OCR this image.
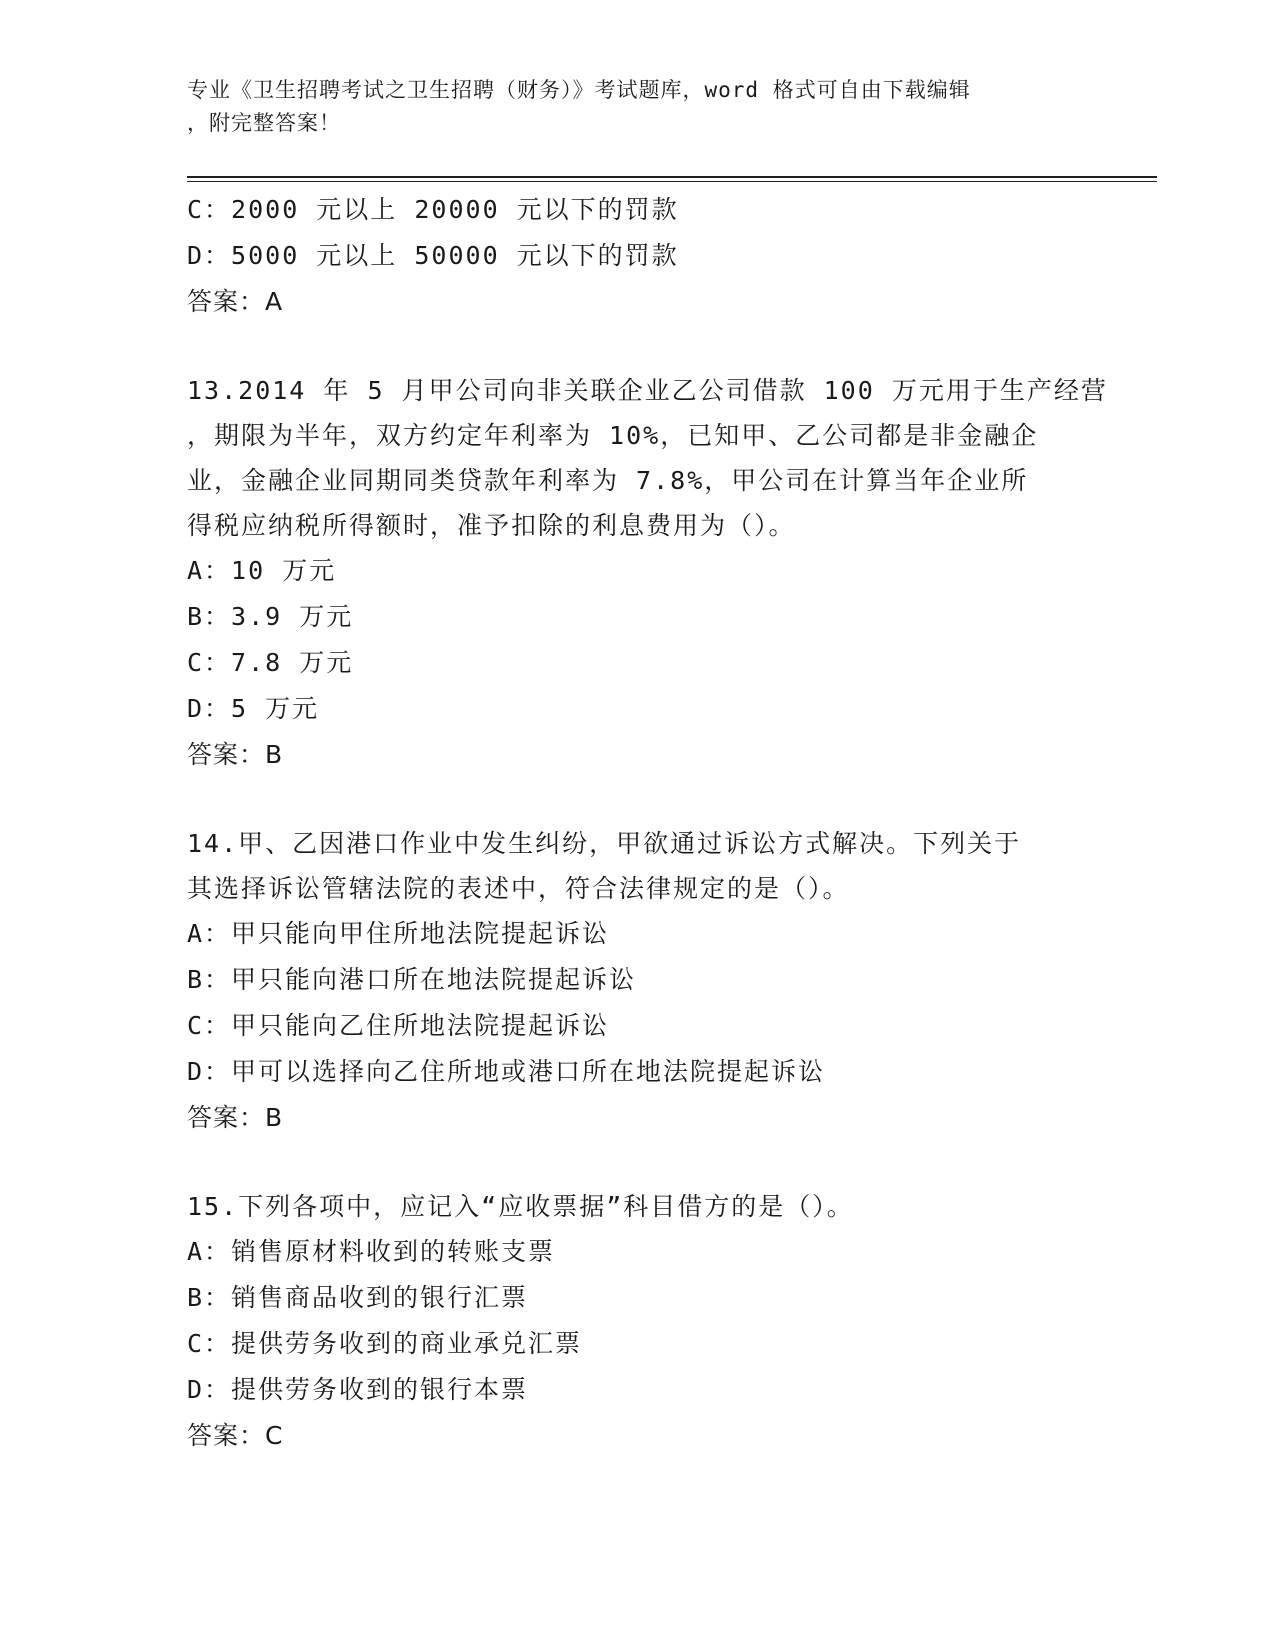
专业《卫生招聘考试之卫生招聘（财务）》考试题库，word 格式可自由下载编辑
，附完整答案！
C：2000 元以上 20000 元以下的罚款
D：5000 元以上 50000 元以下的罚款
答案：A
13.2014 年 5 月甲公司向非关联企业乙公司借款 100 万元用于生产经营
，期限为半年，双方约定年利率为 10%，已知甲、乙公司都是非金融企
业，金融企业同期同类贷款年利率为 7.8%，甲公司在计算当年企业所
得税应纳税所得额时，准予扣除的利息费用为（）。
A：10 万元
B：3.9 万元
C：7.8 万元
D：5 万元
答案：B
14.甲、乙因港口作业中发生纠纷，甲欲通过诉讼方式解决。下列关于
其选择诉讼管辖法院的表述中，符合法律规定的是（）。
A：甲只能向甲住所地法院提起诉讼
B：甲只能向港口所在地法院提起诉讼
C：甲只能向乙住所地法院提起诉讼
D：甲可以选择向乙住所地或港口所在地法院提起诉讼
答案：B
15.下列各项中，应记入“应收票据”科目借方的是（）。
A：销售原材料收到的转账支票
B：销售商品收到的银行汇票
C：提供劳务收到的商业承兑汇票
D：提供劳务收到的银行本票
答案：C
